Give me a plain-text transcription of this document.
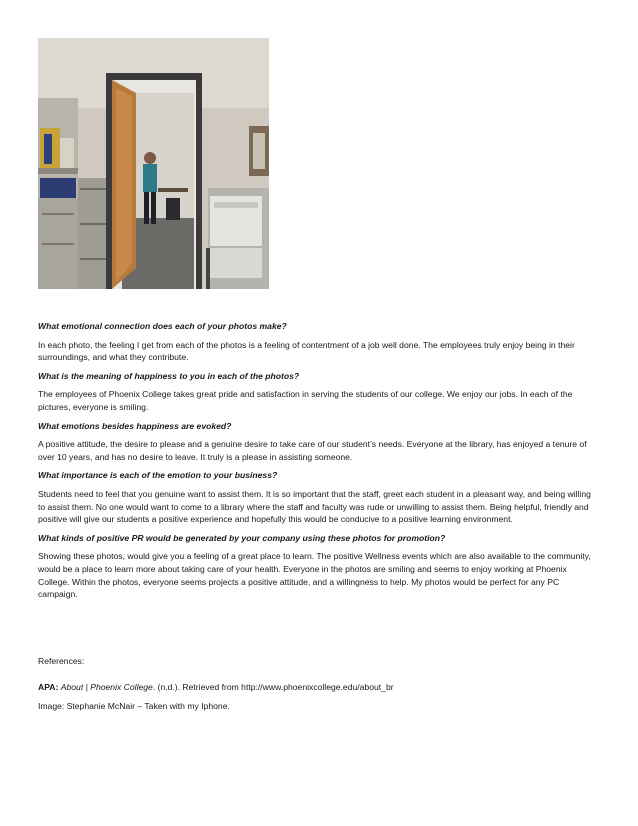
What emotional connection does each of your photos make?
In each photo, the feeling I get from each of the photos is a feeling of contentment of a job well done. The employees truly enjoy being in their surroundings, and what they contribute.
What is the meaning of happiness to you in each of the photos?
The employees of Phoenix College takes great pride and satisfaction in serving the students of our college. We enjoy our jobs. In each of the pictures, everyone is smiling.
What emotions besides happiness are evoked?
A positive attitude, the desire to please and a genuine desire to take care of our student’s needs. Everyone at the library, has enjoyed a tenure of over 10 years, and has no desire to leave. It truly is a please in assisting someone.
What importance is each of the emotion to your business?
Students need to feel that you genuine want to assist them. It is so important that the staff, greet each student in a pleasant way, and being willing to assist them. No one would want to come to a library where the staff and faculty was rude or unwilling to assist them. Being helpful, friendly and positive will give our students a positive experience and hopefully this would be conducive to a positive learning environment.
What kinds of positive PR would be generated by your company using these photos for promotion?
Showing these photos, would give you a feeling of a great place to learn. The positive Wellness events which are also available to the community, would be a place to learn more about taking care of your health. Everyone in the photos are smiling and seems to enjoy working at Phoenix College. Within the photos, everyone seems projects a positive attitude, and a willingness to help. My photos would be perfect for any PC campaign.
References:
APA: About | Phoenix College. (n.d.). Retrieved from http://www.phoenixcollege.edu/about_br
Image: Stephanie McNair – Taken with my Iphone.
